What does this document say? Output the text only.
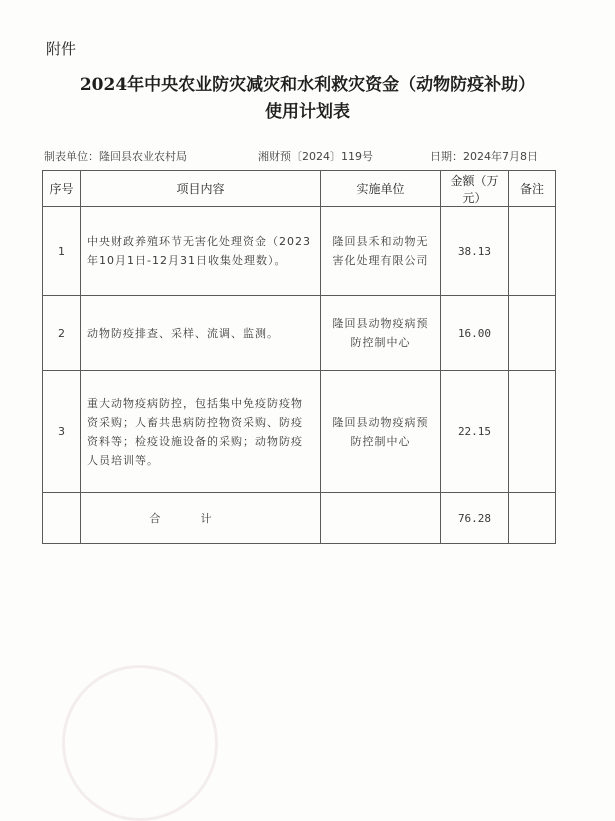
附件
2024年中央农业防灾减灾和水利救灾资金（动物防疫补助）
使用计划表
制表单位：隆回县农业农村局	湘财预〔2024〕119号	日期：2024年7月8日
序号	项目内容	实施单位	金额（万元）	备注
1	中央财政养殖环节无害化处理资金（2023年10月1日-12月31日收集处理数）。	隆回县禾和动物无害化处理有限公司	38.13	
2	动物防疫排查、采样、流调、监测。	隆回县动物疫病预防控制中心	16.00	
3	重大动物疫病防控，包括集中免疫防疫物资采购；人畜共患病防控物资采购、防疫资料等；检疫设施设备的采购；动物防疫人员培训等。	隆回县动物疫病预防控制中心	22.15	
	合计		76.28	
